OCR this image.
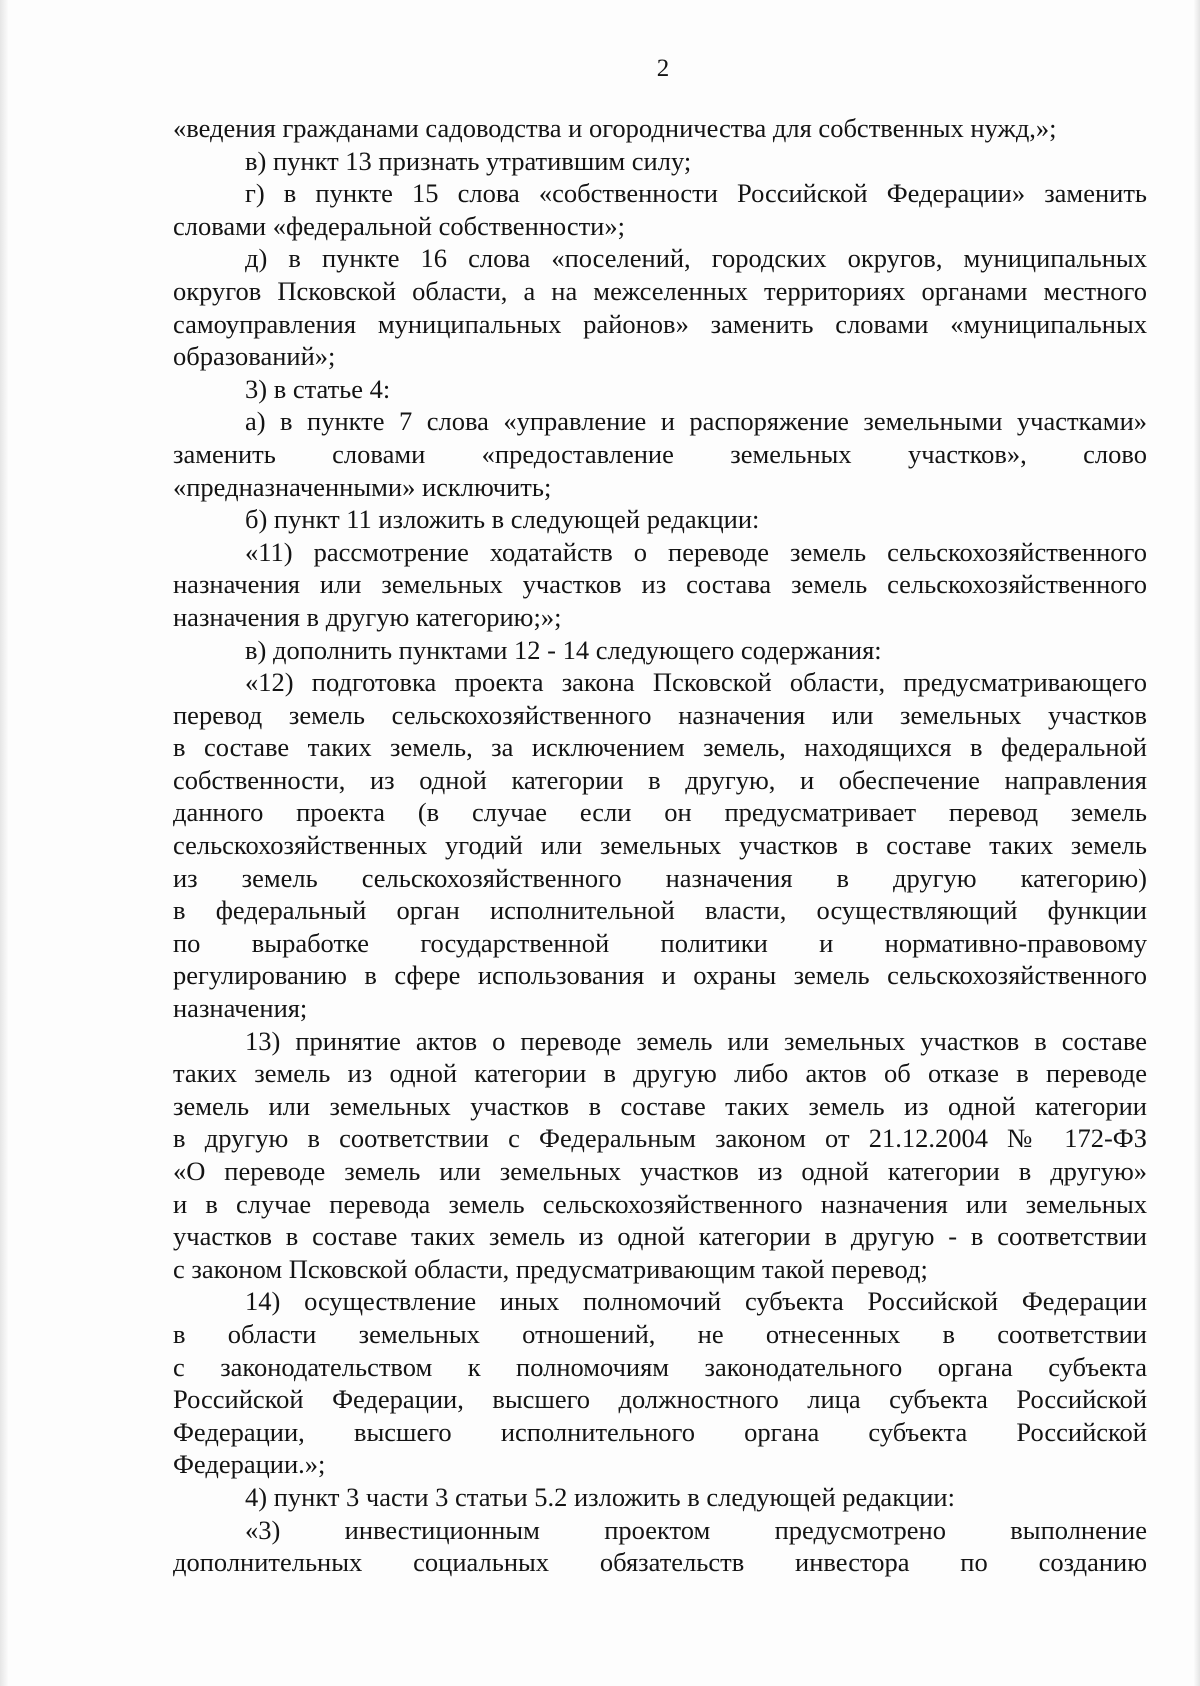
2
«ведения гражданами садоводства и огородничества для собственных нужд,»;
в) пункт 13 признать утратившим силу;
г) в пункте 15 слова «собственности Российской Федерации» заменить
словами «федеральной собственности»;
д) в пункте 16 слова «поселений, городских округов, муниципальных
округов Псковской области, а на межселенных территориях органами местного
самоуправления муниципальных районов» заменить словами «муниципальных
образований»;
3) в статье 4:
а) в пункте 7 слова «управление и распоряжение земельными участками»
заменить словами «предоставление земельных участков», слово
«предназначенными» исключить;
б) пункт 11 изложить в следующей редакции:
«11) рассмотрение ходатайств о переводе земель сельскохозяйственного
назначения или земельных участков из состава земель сельскохозяйственного
назначения в другую категорию;»;
в) дополнить пунктами 12 - 14 следующего содержания:
«12) подготовка проекта закона Псковской области, предусматривающего
перевод земель сельскохозяйственного назначения или земельных участков
в составе таких земель, за исключением земель, находящихся в федеральной
собственности, из одной категории в другую, и обеспечение направления
данного проекта (в случае если он предусматривает перевод земель
сельскохозяйственных угодий или земельных участков в составе таких земель
из земель сельскохозяйственного назначения в другую категорию)
в федеральный орган исполнительной власти, осуществляющий функции
по выработке государственной политики и нормативно-правовому
регулированию в сфере использования и охраны земель сельскохозяйственного
назначения;
13) принятие актов о переводе земель или земельных участков в составе
таких земель из одной категории в другую либо актов об отказе в переводе
земель или земельных участков в составе таких земель из одной категории
в другую в соответствии с Федеральным законом от 21.12.2004 № 172-ФЗ
«О переводе земель или земельных участков из одной категории в другую»
и в случае перевода земель сельскохозяйственного назначения или земельных
участков в составе таких земель из одной категории в другую - в соответствии
с законом Псковской области, предусматривающим такой перевод;
14) осуществление иных полномочий субъекта Российской Федерации
в области земельных отношений, не отнесенных в соответствии
с законодательством к полномочиям законодательного органа субъекта
Российской Федерации, высшего должностного лица субъекта Российской
Федерации, высшего исполнительного органа субъекта Российской
Федерации.»;
4) пункт 3 части 3 статьи 5.2 изложить в следующей редакции:
«3) инвестиционным проектом предусмотрено выполнение
дополнительных социальных обязательств инвестора по созданию
